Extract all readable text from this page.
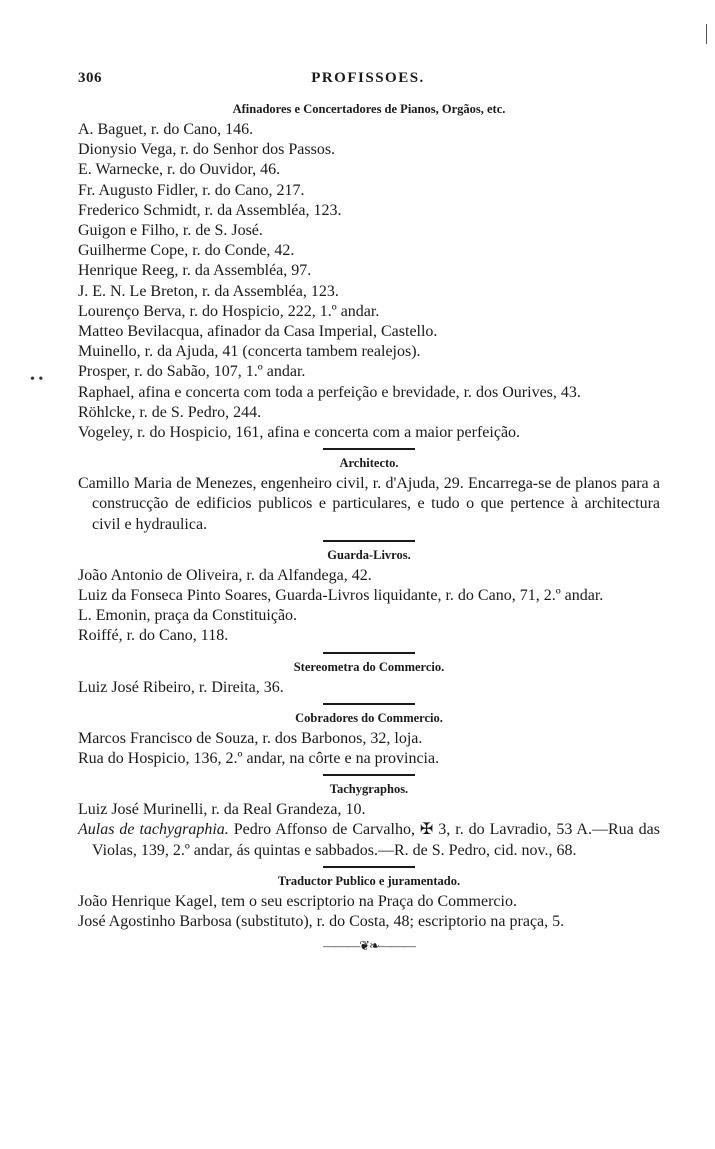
• •
306	PROFISSOES.
Afinadores e Concertadores de Pianos, Orgãos, etc.

A. Baguet, r. do Cano, 146.

Dionysio Vega, r. do Senhor dos Passos.

E. Warnecke, r. do Ouvidor, 46.

Fr. Augusto Fidler, r. do Cano, 217.

Frederico Schmidt, r. da Assembléa, 123.

Guigon e Filho, r. de S. José.

Guilherme Cope, r. do Conde, 42.

Henrique Reeg, r. da Assembléa, 97.

J. E. N. Le Breton, r. da Assembléa, 123.

Lourenço Berva, r. do Hospicio, 222, 1.º andar.

Matteo Bevilacqua, afinador da Casa Imperial, Castello.

Muinello, r. da Ajuda, 41 (concerta tambem realejos).

Prosper, r. do Sabão, 107, 1.º andar.

Raphael, afina e concerta com toda a perfeição e brevidade, r. dos Ourives, 43.

Röhlcke, r. de S. Pedro, 244.

Vogeley, r. do Hospicio, 161, afina e concerta com a maior perfeição.

Architecto.

Camillo Maria de Menezes, engenheiro civil, r. d'Ajuda, 29. Encarrega-se de planos para a construcção de edificios publicos e particulares, e tudo o que pertence à architectura civil e hydraulica.

Guarda-Livros.

João Antonio de Oliveira, r. da Alfandega, 42.

Luiz da Fonseca Pinto Soares, Guarda-Livros liquidante, r. do Cano, 71, 2.º andar.

L. Emonin, praça da Constituição.

Roiffé, r. do Cano, 118.

Stereometra do Commercio.

Luiz José Ribeiro, r. Direita, 36.

Cobradores do Commercio.

Marcos Francisco de Souza, r. dos Barbonos, 32, loja.

Rua do Hospicio, 136, 2.º andar, na côrte e na provincia.

Tachygraphos.

Luiz José Murinelli, r. da Real Grandeza, 10.

Aulas de tachygraphia. Pedro Affonso de Carvalho, ✠ 3, r. do Lavradio, 53 A.—Rua das Violas, 139, 2.º andar, ás quintas e sabbados.—R. de S. Pedro, cid. nov., 68.

Traductor Publico e juramentado.

João Henrique Kagel, tem o seu escriptorio na Praça do Commercio.

José Agostinho Barbosa (substituto), r. do Costa, 48; escriptorio na praça, 5.

———❦❧———
